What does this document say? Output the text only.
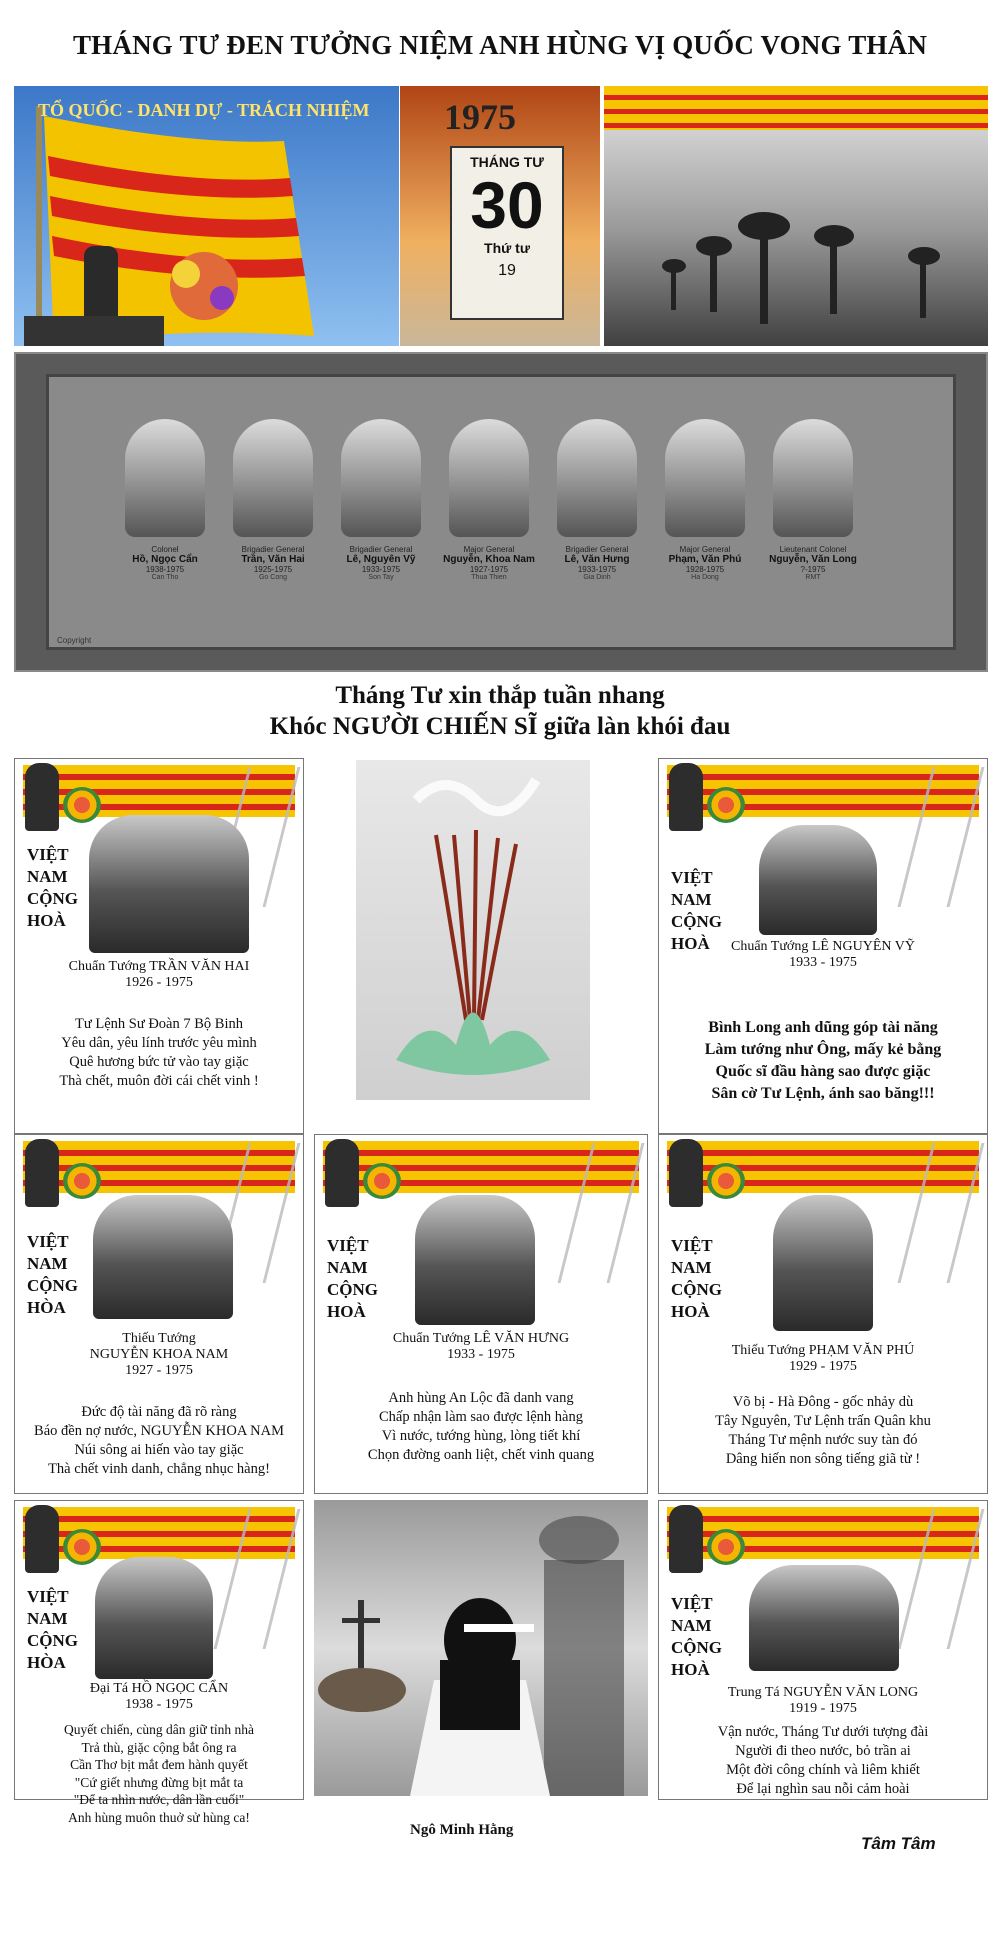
THÁNG TƯ ĐEN TƯỞNG NIỆM ANH HÙNG VỊ QUỐC VONG THÂN
TỔ QUỐC - DANH DỰ - TRÁCH NHIỆM 1975
THÁNG TƯ
30
Thứ tư
19
Colonel
Hồ, Ngọc Cẩn
1938-1975
Can Tho
Brigadier General
Trần, Văn Hai
1925-1975
Go Cong
Brigadier General
Lê, Nguyên Vỹ
1933-1975
Son Tay
Major General
Nguyễn, Khoa Nam
1927-1975
Thua Thien
Brigadier General
Lê, Văn Hưng
1933-1975
Gia Dinh
Major General
Phạm, Văn Phú
1928-1975
Ha Dong
Lieutenant Colonel
Nguyễn, Văn Long
?-1975
RMT
Copyright
Tháng Tư xin thắp tuần nhang
Khóc NGƯỜI CHIẾN SĨ giữa làn khói đau
VIỆT
NAM
CỘNG
HOÀ
Chuẩn Tướng TRẦN VĂN HAI
1926 - 1975
Tư Lệnh Sư Đoàn 7 Bộ Binh
Yêu dân, yêu lính trước yêu mình
Quê hương bức tử vào tay giặc
Thà chết, muôn đời cái chết vinh !
VIỆT
NAM
CỘNG
HOÀ	Chuẩn Tướng LÊ NGUYÊN VỸ
1933 - 1975
Bình Long anh dũng góp tài năng
Làm tướng như Ông, mấy kẻ bằng
Quốc sĩ đầu hàng sao được giặc
Sân cờ Tư Lệnh, ánh sao băng!!!
VIỆT
NAM
CỘNG
HÒA
Thiếu Tướng
NGUYỄN KHOA NAM
1927 - 1975
Đức độ tài năng đã rõ ràng
Báo đền nợ nước, NGUYỄN KHOA NAM
Núi sông ai hiến vào tay giặc
Thà chết vinh danh, chẳng nhục hàng!
VIỆT
NAM
CỘNG
HOÀ
Chuẩn Tướng LÊ VĂN HƯNG
1933 - 1975
Anh hùng An Lộc đã danh vang
Chấp nhận làm sao được lệnh hàng
Vì nước, tướng hùng, lòng tiết khí
Chọn đường oanh liệt, chết vinh quang
VIỆT
NAM
CỘNG
HOÀ
Thiếu Tướng PHẠM VĂN PHÚ
1929 - 1975
Võ bị - Hà Đông - gốc nhảy dù
Tây Nguyên, Tư Lệnh trấn Quân khu
Tháng Tư mệnh nước suy tàn đó
Dâng hiến non sông tiếng giã từ !
VIỆT
NAM
CỘNG
HÒA
Đại Tá HỒ NGỌC CẨN
1938 - 1975
Quyết chiến, cùng dân giữ tỉnh nhà
Trả thù, giặc cộng bắt ông ra
Cần Thơ bịt mắt đem hành quyết
"Cứ giết nhưng đừng bịt mắt ta
"Để ta nhìn nước, dân lần cuối"
Anh hùng muôn thuở sử hùng ca!
VIỆT
NAM
CỘNG
HOÀ
Trung Tá NGUYỄN VĂN LONG
1919 - 1975
Vận nước, Tháng Tư dưới tượng đài
Người đi theo nước, bỏ trần ai
Một đời công chính và liêm khiết
Để lại nghìn sau nỗi cảm hoài
Ngô Minh Hằng
Tâm Tâm
